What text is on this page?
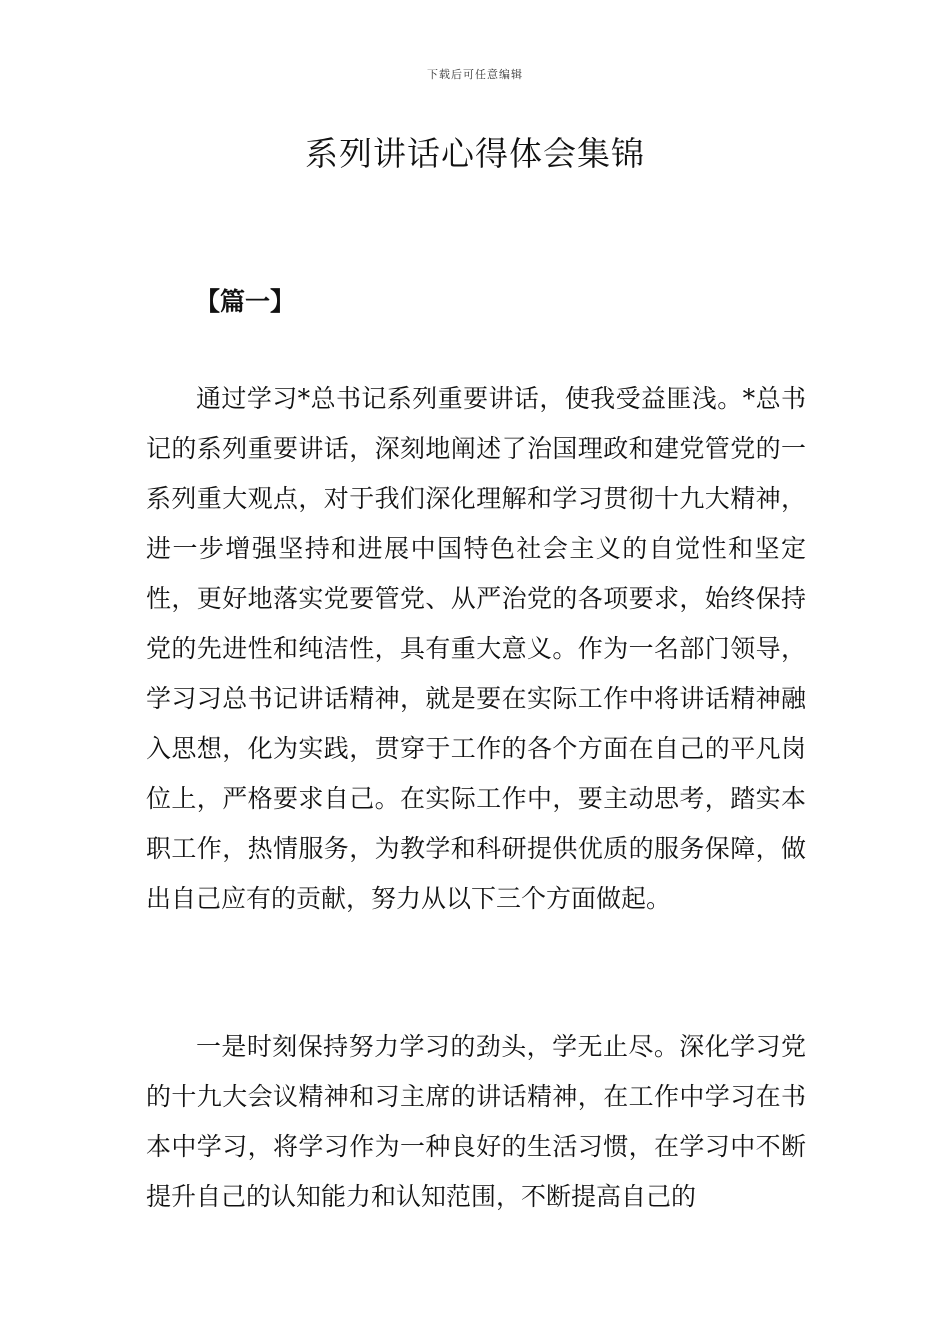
下载后可任意编辑
系列讲话心得体会集锦
【篇一】

通过学习*总书记系列重要讲话，使我受益匪浅。*总书记的系列重要讲话，深刻地阐述了治国理政和建党管党的一系列重大观点，对于我们深化理解和学习贯彻十九大精神，进一步增强坚持和进展中国特色社会主义的自觉性和坚定性，更好地落实党要管党、从严治党的各项要求，始终保持党的先进性和纯洁性，具有重大意义。作为一名部门领导，学习习总书记讲话精神，就是要在实际工作中将讲话精神融入思想，化为实践，贯穿于工作的各个方面在自己的平凡岗位上，严格要求自己。在实际工作中，要主动思考，踏实本职工作，热情服务，为教学和科研提供优质的服务保障，做出自己应有的贡献，努力从以下三个方面做起。

一是时刻保持努力学习的劲头，学无止尽。深化学习党的十九大会议精神和习主席的讲话精神，在工作中学习在书本中学习，将学习作为一种良好的生活习惯，在学习中不断提升自己的认知能力和认知范围，不断提高自己的
